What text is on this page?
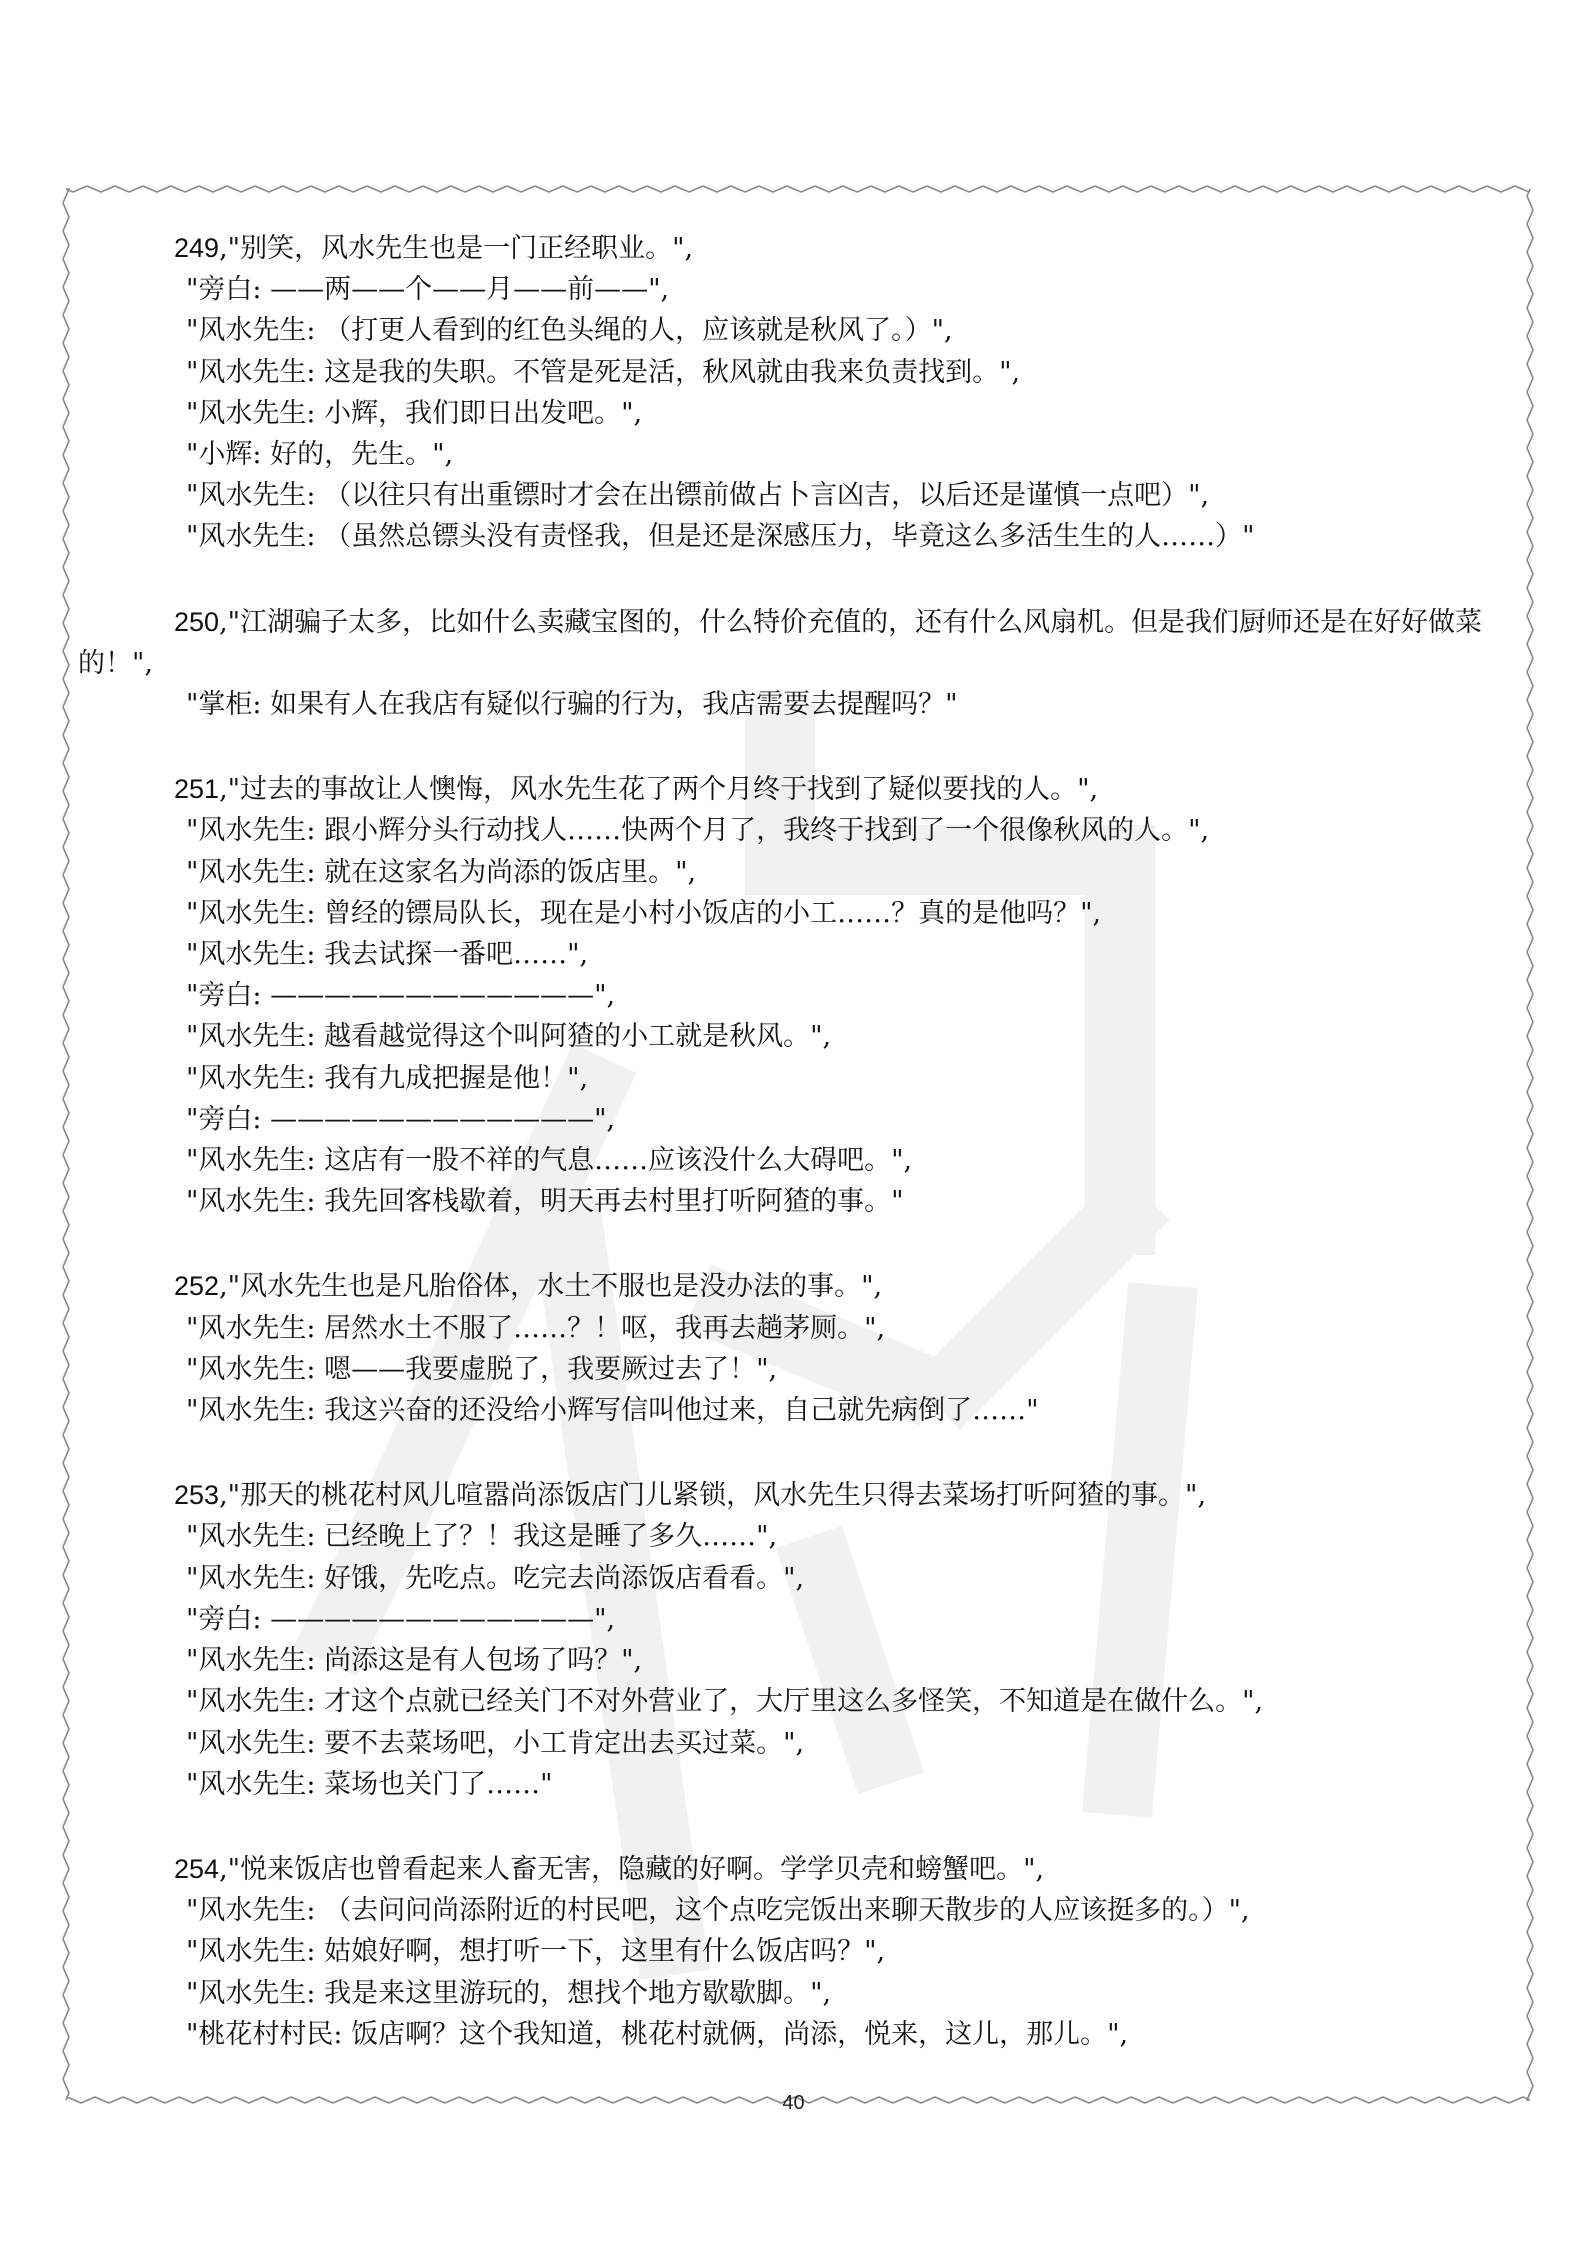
249,"别笑，风水先生也是一门正经职业。",
"旁白: ——两——个——月——前——",
"风水先生: （打更人看到的红色头绳的人，应该就是秋风了。）",
"风水先生: 这是我的失职。不管是死是活，秋风就由我来负责找到。",
"风水先生: 小辉，我们即日出发吧。",
"小辉: 好的，先生。",
"风水先生: （以往只有出重镖时才会在出镖前做占卜言凶吉，以后还是谨慎一点吧）",
"风水先生: （虽然总镖头没有责怪我，但是还是深感压力，毕竟这么多活生生的人……）"
250,"江湖骗子太多，比如什么卖藏宝图的，什么特价充值的，还有什么风扇机。但是我们厨师还是在好好做菜的！",
"掌柜: 如果有人在我店有疑似行骗的行为，我店需要去提醒吗？"
251,"过去的事故让人懊悔，风水先生花了两个月终于找到了疑似要找的人。",
"风水先生: 跟小辉分头行动找人……快两个月了，我终于找到了一个很像秋风的人。",
"风水先生: 就在这家名为尚添的饭店里。",
"风水先生: 曾经的镖局队长，现在是小村小饭店的小工……？真的是他吗？",
"风水先生: 我去试探一番吧……",
"旁白: ————————————",
"风水先生: 越看越觉得这个叫阿猹的小工就是秋风。",
"风水先生: 我有九成把握是他！",
"旁白: ————————————",
"风水先生: 这店有一股不祥的气息……应该没什么大碍吧。",
"风水先生: 我先回客栈歇着，明天再去村里打听阿猹的事。"
252,"风水先生也是凡胎俗体，水土不服也是没办法的事。",
"风水先生: 居然水土不服了……？！呕，我再去趟茅厕。",
"风水先生: 嗯——我要虚脱了，我要厥过去了！",
"风水先生: 我这兴奋的还没给小辉写信叫他过来，自己就先病倒了……"
253,"那天的桃花村风儿喧嚣尚添饭店门儿紧锁，风水先生只得去菜场打听阿猹的事。",
"风水先生: 已经晚上了？！我这是睡了多久……",
"风水先生: 好饿，先吃点。吃完去尚添饭店看看。",
"旁白: ————————————",
"风水先生: 尚添这是有人包场了吗？",
"风水先生: 才这个点就已经关门不对外营业了，大厅里这么多怪笑，不知道是在做什么。",
"风水先生: 要不去菜场吧，小工肯定出去买过菜。",
"风水先生: 菜场也关门了……"
254,"悦来饭店也曾看起来人畜无害，隐藏的好啊。学学贝壳和螃蟹吧。",
"风水先生: （去问问尚添附近的村民吧，这个点吃完饭出来聊天散步的人应该挺多的。）",
"风水先生: 姑娘好啊，想打听一下，这里有什么饭店吗？",
"风水先生: 我是来这里游玩的，想找个地方歇歇脚。",
"桃花村村民: 饭店啊？这个我知道，桃花村就俩，尚添，悦来，这儿，那儿。",
40
